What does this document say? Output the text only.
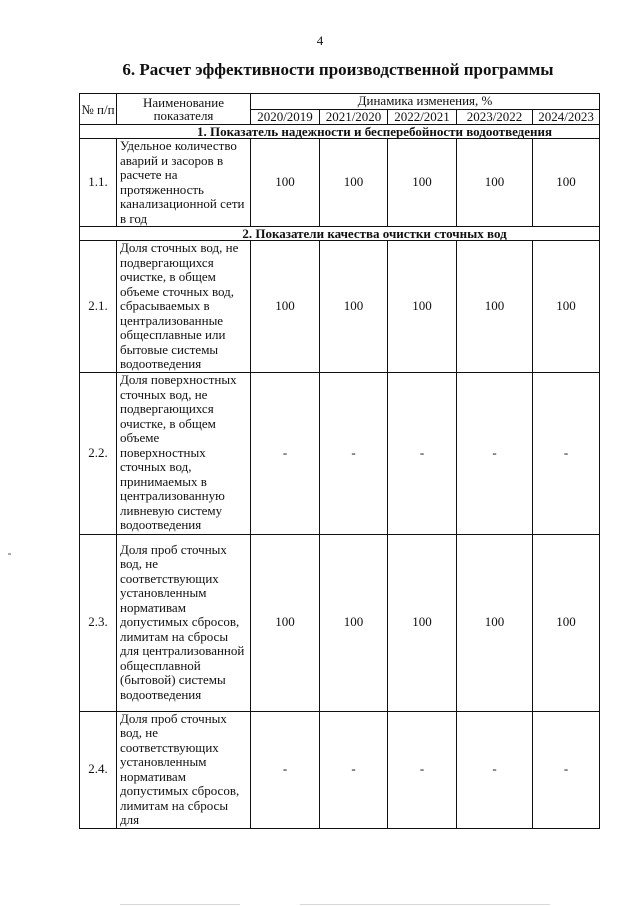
4
6. Расчет эффективности производственной программы
№ п/п	Наименование показателя	Динамика изменения, %				
		2020/2019	2021/2020	2022/2021	2023/2022	2024/2023
1. Показатель надежности и бесперебойности водоотведения						
1.1.	Удельное количество аварий и засоров в расчете на протяженность канализационной сети в год	100	100	100	100	100
2. Показатели качества очистки сточных вод						
2.1.	Доля сточных вод, не подвергающихся очистке, в общем объеме сточных вод, сбрасываемых в централизованные общесплавные или бытовые системы водоотведения	100	100	100	100	100
2.2.	Доля поверхностных сточных вод, не подвергающихся очистке, в общем объеме поверхностных сточных вод, принимаемых в централизованную ливневую систему водоотведения	-	-	-	-	-
2.3.	Доля проб сточных вод, не соответствующих установленным нормативам допустимых сбросов, лимитам на сбросы для централизованной общесплавной (бытовой) системы водоотведения	100	100	100	100	100
2.4.	Доля проб сточных вод, не соответствующих установленным нормативам допустимых сбросов, лимитам на сбросы для	-	-	-	-	-
